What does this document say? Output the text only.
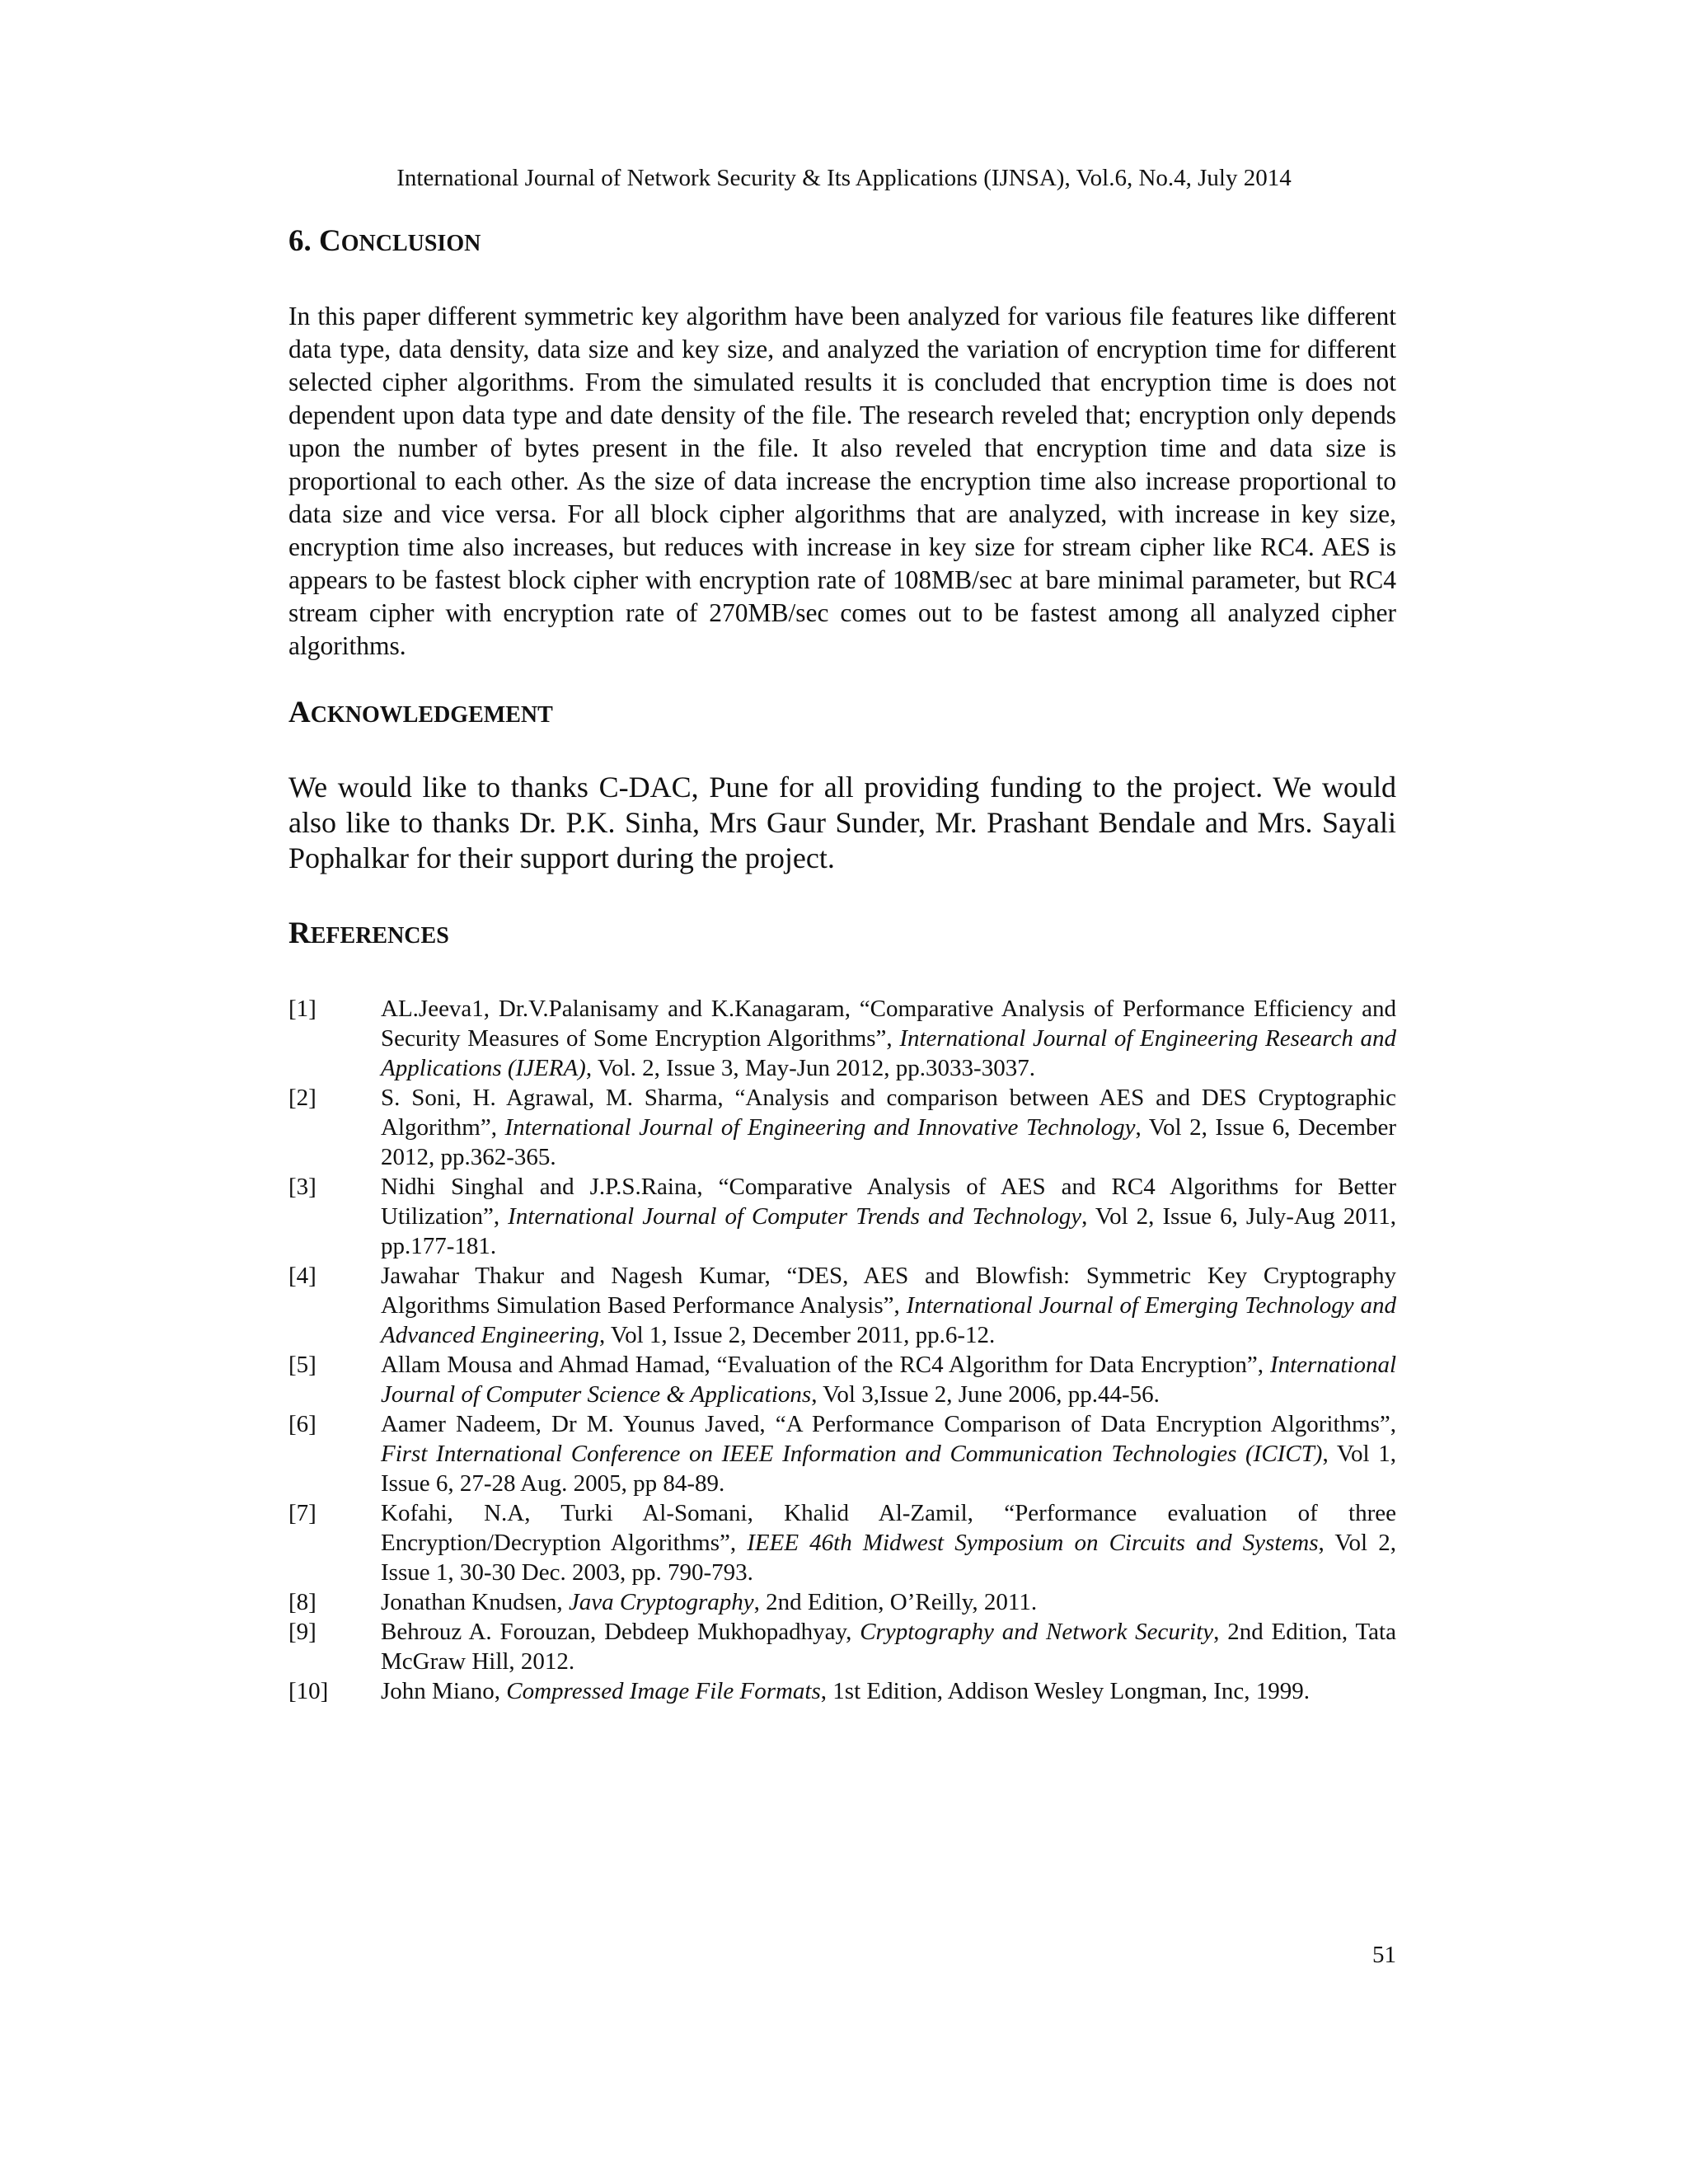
International Journal of Network Security & Its Applications (IJNSA), Vol.6, No.4, July 2014

6. CONCLUSION

In this paper different symmetric key algorithm have been analyzed for various file features like different data type, data density, data size and key size, and analyzed the variation of encryption time for different selected cipher algorithms. From the simulated results it is concluded that encryption time is does not dependent upon data type and date density of the file. The research reveled that; encryption only depends upon the number of bytes present in the file. It also reveled that encryption time and data size is proportional to each other. As the size of data increase the encryption time also increase proportional to data size and vice versa. For all block cipher algorithms that are analyzed, with increase in key size, encryption time also increases, but reduces with increase in key size for stream cipher like RC4. AES is appears to be fastest block cipher with encryption rate of 108MB/sec at bare minimal parameter, but RC4 stream cipher with encryption rate of 270MB/sec comes out to be fastest among all analyzed cipher algorithms.

ACKNOWLEDGEMENT

We would like to thanks C-DAC, Pune for all providing funding to the project. We would also like to thanks Dr. P.K. Sinha, Mrs Gaur Sunder, Mr. Prashant Bendale and Mrs. Sayali Pophalkar for their support during the project.

REFERENCES
[1]	AL.Jeeva1, Dr.V.Palanisamy and K.Kanagaram, “Comparative Analysis of Performance Efficiency and Security Measures of Some Encryption Algorithms”, International Journal of Engineering Research and Applications (IJERA), Vol. 2, Issue 3, May-Jun 2012, pp.3033-3037.
[2]	S. Soni, H. Agrawal, M. Sharma, “Analysis and comparison between AES and DES Cryptographic Algorithm”, International Journal of Engineering and Innovative Technology, Vol 2, Issue 6, December 2012, pp.362-365.
[3]	Nidhi Singhal and J.P.S.Raina, “Comparative Analysis of AES and RC4 Algorithms for Better Utilization”, International Journal of Computer Trends and Technology, Vol 2, Issue 6, July-Aug 2011, pp.177-181.
[4]	Jawahar Thakur and Nagesh Kumar, “DES, AES and Blowfish: Symmetric Key Cryptography Algorithms Simulation Based Performance Analysis”, International Journal of Emerging Technology and Advanced Engineering, Vol 1, Issue 2, December 2011, pp.6-12.
[5]	Allam Mousa and Ahmad Hamad, “Evaluation of the RC4 Algorithm for Data Encryption”, International Journal of Computer Science & Applications, Vol 3,Issue 2, June 2006, pp.44-56.
[6]	Aamer Nadeem, Dr M. Younus Javed, “A Performance Comparison of Data Encryption Algorithms”, First International Conference on IEEE Information and Communication Technologies (ICICT), Vol 1, Issue 6, 27-28 Aug. 2005, pp 84-89.
[7]	Kofahi, N.A, Turki Al-Somani, Khalid Al-Zamil, “Performance evaluation of three Encryption/Decryption Algorithms”, IEEE 46th Midwest Symposium on Circuits and Systems, Vol 2, Issue 1, 30-30 Dec. 2003, pp. 790-793.
[8]	Jonathan Knudsen, Java Cryptography, 2nd Edition, O’Reilly, 2011.
[9]	Behrouz A. Forouzan, Debdeep Mukhopadhyay, Cryptography and Network Security, 2nd Edition, Tata McGraw Hill, 2012.
[10] John Miano, Compressed Image File Formats, 1st Edition, Addison Wesley Longman, Inc, 1999.

51
